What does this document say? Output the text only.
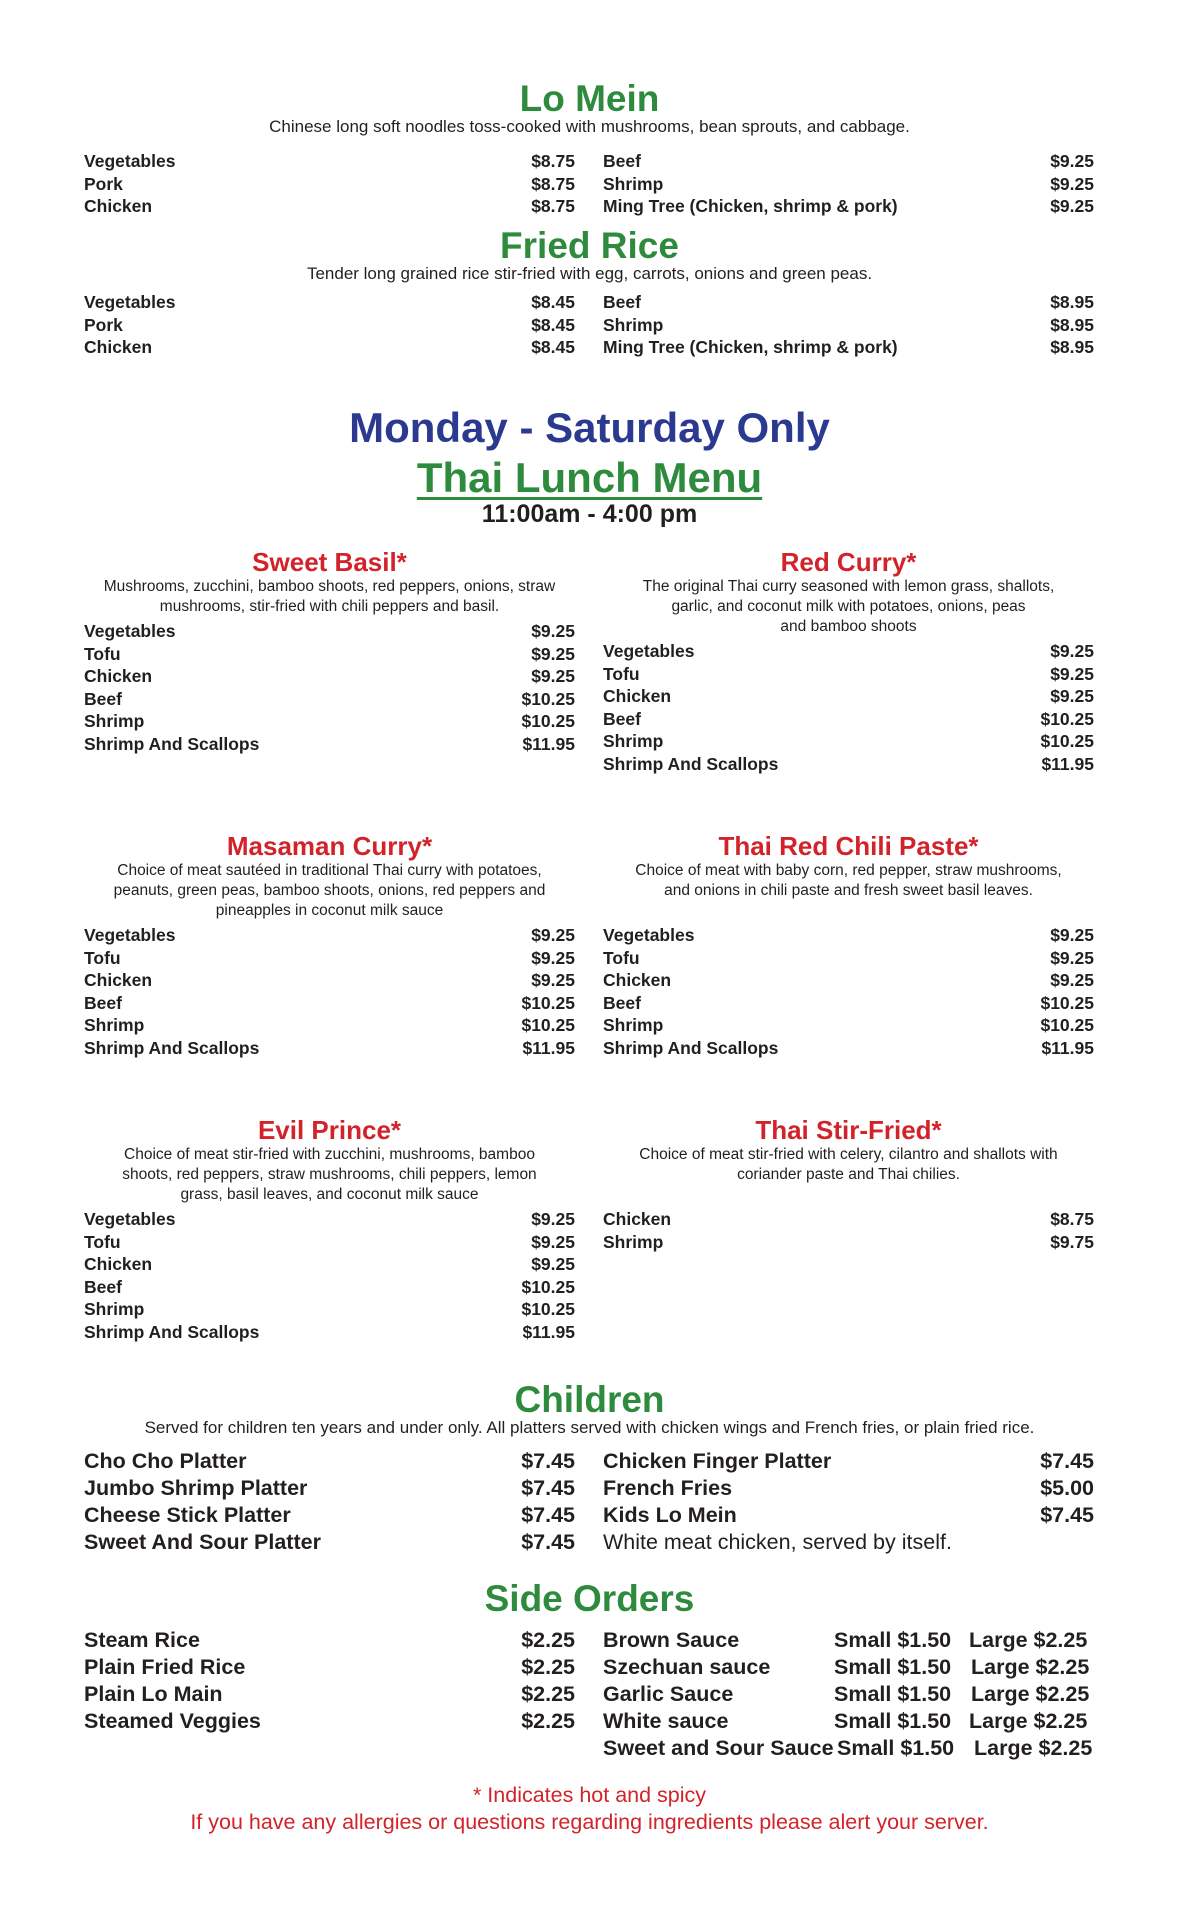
Lo Mein
Chinese long soft noodles toss-cooked with mushrooms, bean sprouts, and cabbage.
Vegetables	$8.75
Pork	$8.75
Chicken	$8.75
Beef	$9.25
Shrimp	$9.25
Ming Tree (Chicken, shrimp & pork)	$9.25
Fried Rice
Tender long grained rice stir-fried with egg, carrots, onions and green peas.
Vegetables	$8.45
Pork	$8.45
Chicken	$8.45
Beef	$8.95
Shrimp	$8.95
Ming Tree (Chicken, shrimp & pork)	$8.95
Monday - Saturday Only
Thai Lunch Menu
11:00am - 4:00 pm
Sweet Basil*
Mushrooms, zucchini, bamboo shoots, red peppers, onions, straw
mushrooms, stir-fried with chili peppers and basil.
Vegetables	$9.25
Tofu	$9.25
Chicken	$9.25
Beef	$10.25
Shrimp	$10.25
Shrimp And Scallops	$11.95
Red Curry*
The original Thai curry seasoned with lemon grass, shallots,
garlic, and coconut milk with potatoes, onions, peas
and bamboo shoots
Vegetables	$9.25
Tofu	$9.25
Chicken	$9.25
Beef	$10.25
Shrimp	$10.25
Shrimp And Scallops	$11.95
Masaman Curry*
Choice of meat sautéed in traditional Thai curry with potatoes,
peanuts, green peas, bamboo shoots, onions, red peppers and
pineapples in coconut milk sauce
Vegetables	$9.25
Tofu	$9.25
Chicken	$9.25
Beef	$10.25
Shrimp	$10.25
Shrimp And Scallops	$11.95
Thai Red Chili Paste*
Choice of meat with baby corn, red pepper, straw mushrooms,
and onions in chili paste and fresh sweet basil leaves.
Vegetables	$9.25
Tofu	$9.25
Chicken	$9.25
Beef	$10.25
Shrimp	$10.25
Shrimp And Scallops	$11.95
Evil Prince*
Choice of meat stir-fried with zucchini, mushrooms, bamboo
shoots, red peppers, straw mushrooms, chili peppers, lemon
grass, basil leaves, and coconut milk sauce
Vegetables	$9.25
Tofu	$9.25
Chicken	$9.25
Beef	$10.25
Shrimp	$10.25
Shrimp And Scallops	$11.95
Thai Stir-Fried*
Choice of meat stir-fried with celery, cilantro and shallots with
coriander paste and Thai chilies.
Chicken	$8.75
Shrimp	$9.75
Children
Served for children ten years and under only. All platters served with chicken wings and French fries, or plain fried rice.
Cho Cho Platter	$7.45
Jumbo Shrimp Platter	$7.45
Cheese Stick Platter	$7.45
Sweet And Sour Platter	$7.45
Chicken Finger Platter	$7.45
French Fries	$5.00
Kids Lo Mein	$7.45
White meat chicken, served by itself.
Side Orders
Steam Rice	$2.25
Plain Fried Rice	$2.25
Plain Lo Main	$2.25
Steamed Veggies	$2.25
Brown Sauce	Small $1.50 Large $2.25
Szechuan sauce	Small $1.50 Large $2.25
Garlic Sauce	Small $1.50 Large $2.25
White sauce	Small $1.50 Large $2.25
Sweet and Sour Sauce Small $1.50 Large $2.25
* Indicates hot and spicy
If you have any allergies or questions regarding ingredients please alert your server.
